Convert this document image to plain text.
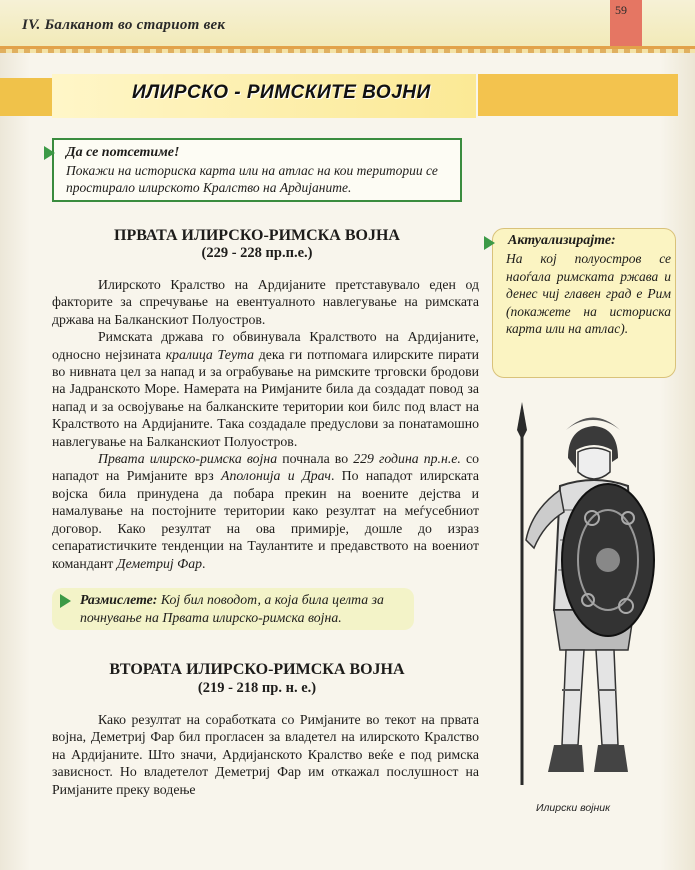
IV. Балканот во стариот век
59
ИЛИРСКО - РИМСКИТЕ ВОЈНИ
Да се потсетиме!
Покажи на историска карта или на атлас на кои територии се простирало илирското Кралство на Ардијаните.
ПРВАТА ИЛИРСКО-РИМСКА ВОЈНА
(229 - 228 пр.п.е.)

Илирското Кралство на Ардијаните претставувало еден од факторите за спречување на евентуалното навлегување на римската држава на Балканскиот Полуостров.

Римската држава го обвинувала Кралството на Ардијаните, односно нејзината кралица Теута дека ги потпомага илирските пирати во нивната цел за напад и за ограбување на римските трговски бродови на Јадранското Море. Намерата на Римјаните била да создадат повод за напад и за освојување на балканските територии кои билс под власт на Кралството на Ардијаните. Така создадале предуслови за понатамошно навлегување на Балканскиот Полуостров.

Првата илирско-римска војна почнала во 229 година пр.н.е. со нападот на Римјаните врз Аполонија и Драч. По нападот илирската војска била принудена да побара прекин на воените дејства и намалување на постојните територии како резултат на меѓусебниот договор. Како резултат на ова примирје, дошле до израз сепаратистичките тенденции на Таулантите и предавството на воениот командант Деметриј Фар.

Размислете: Кој бил поводот, а која била целта за почнување на Првата илирско-римска војна.
ВТОРАТА ИЛИРСКО-РИМСКА ВОЈНА
(219 - 218 пр. н. е.)

Како резултат на соработката со Римјаните во текот на првата војна, Деметриј Фар бил прогласен за владетел на илирското Кралство на Ардијаните. Што значи, Ардијанското Кралство веќе е под римска зависност. Но владетелот Деметриј Фар им откажал послушност на Римјаните преку водење

Актуализирајте:
На кој полуостров се наоѓала римската ржава и денес чиј главен град е Рим (покажете на историска карта или на атлас).
Илирски војник
